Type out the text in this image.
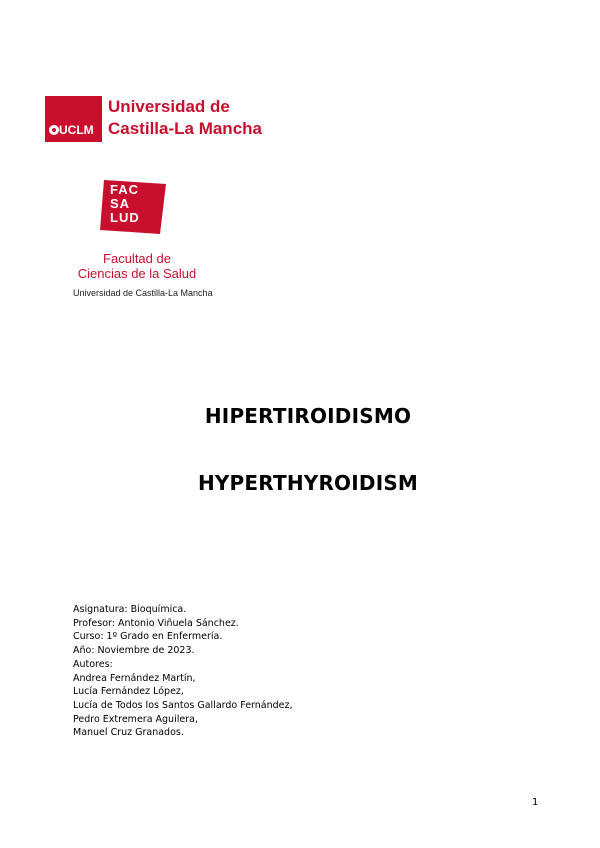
UCLM
Universidad de
Castilla-La Mancha
FAC
SA
LUD
Facultad de
Ciencias de la Salud
Universidad de Castilla-La Mancha
HIPERTIROIDISMO
HYPERTHYROIDISM
Asignatura: Bioquímica.
Profesor: Antonio Viñuela Sánchez.
Curso: 1º Grado en Enfermería.
Año: Noviembre de 2023.
Autores:
Andrea Fernández Martín,
Lucía Fernández López,
Lucía de Todos los Santos Gallardo Fernández,
Pedro Extremera Aguilera,
Manuel Cruz Granados.
1
